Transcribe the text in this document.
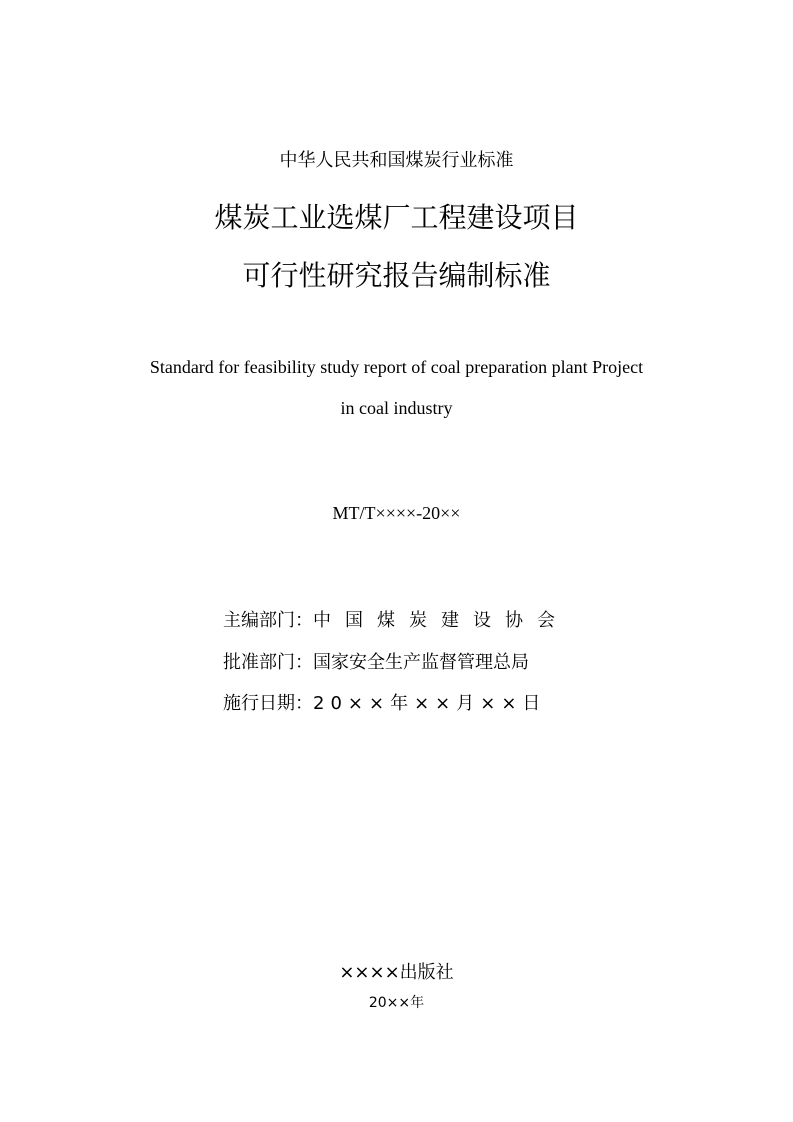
中华人民共和国煤炭行业标准
煤炭工业选煤厂工程建设项目
可行性研究报告编制标准
Standard for feasibility study report of coal preparation plant Project
in coal industry
MT/T××××-20××
主编部门：中国煤炭建设协会
批准部门：国家安全生产监督管理总局
施行日期：20××年××月××日
××××出版社
20××年
